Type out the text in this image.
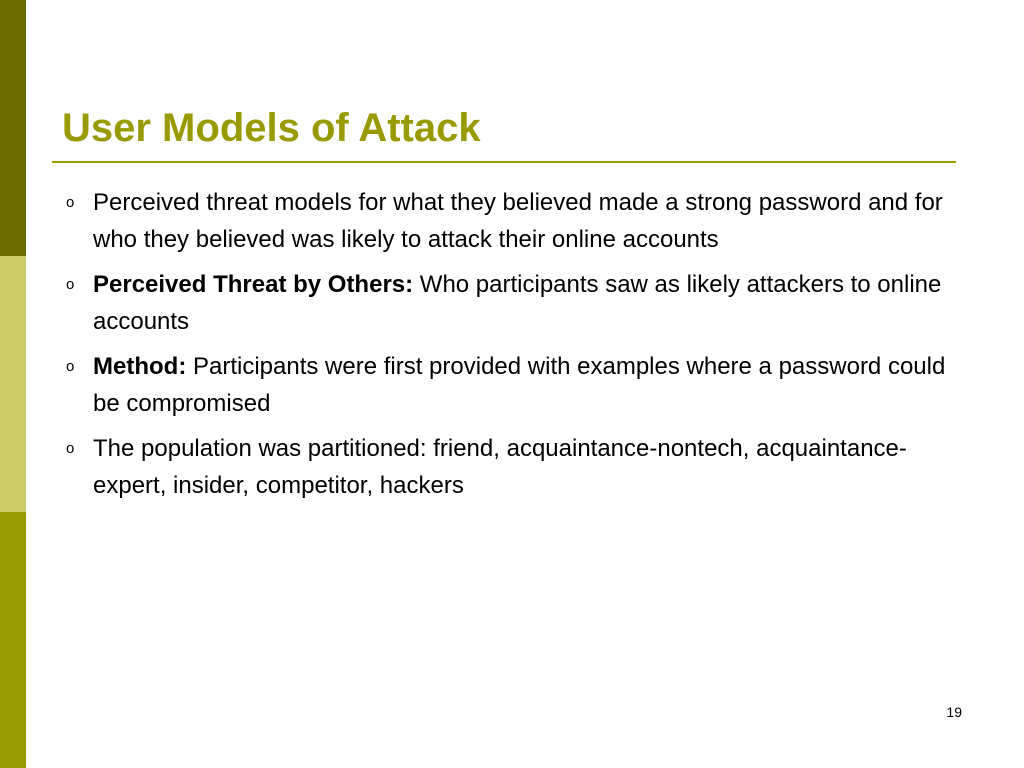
User Models of Attack
o Perceived threat models for what they believed made a strong password and for who they believed was likely to attack their online accounts
o Perceived Threat by Others: Who participants saw as likely attackers to online accounts
o Method: Participants were first provided with examples where a password could be compromised
o The population was partitioned: friend, acquaintance-nontech, acquaintance-expert, insider, competitor, hackers
19
